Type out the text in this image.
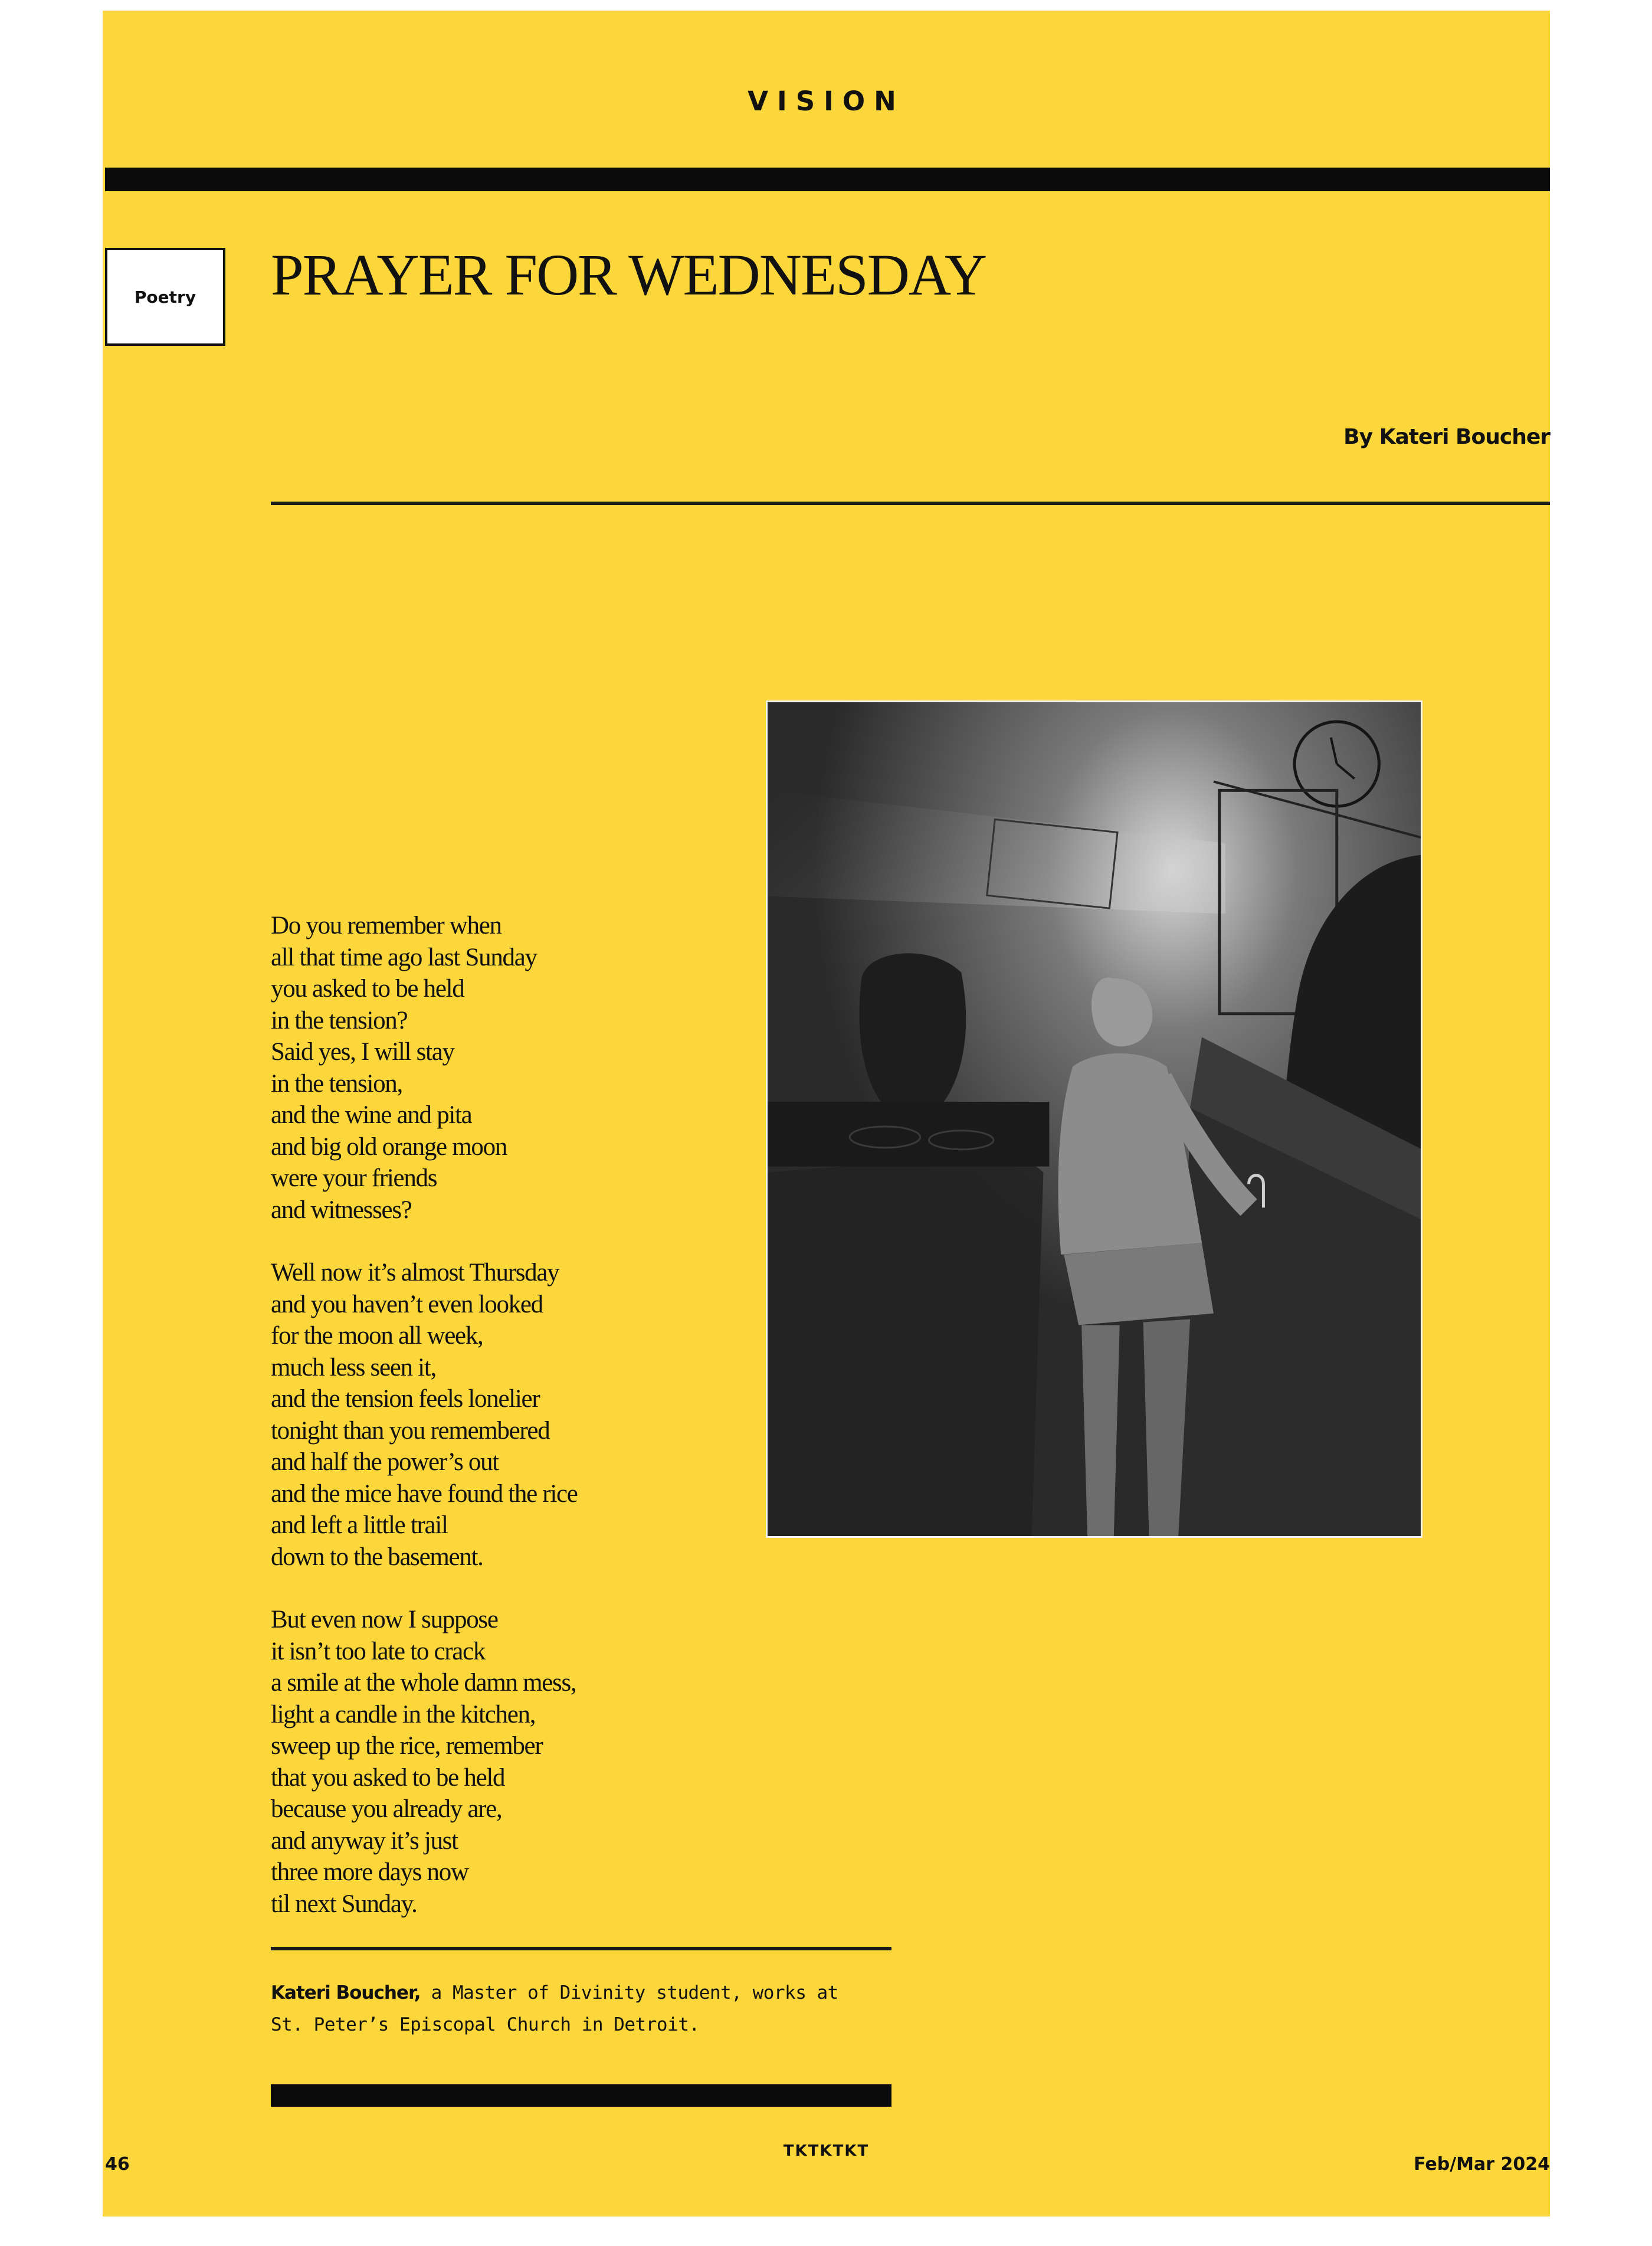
VISION
Poetry PRAYER FOR WEDNESDAY
By Kateri Boucher
Do you remember when
all that time ago last Sunday
you asked to be held
in the tension?
Said yes, I will stay
in the tension,
and the wine and pita
and big old orange moon
were your friends
and witnesses?
Well now it’s almost Thursday
and you haven’t even looked
for the moon all week,
much less seen it,
and the tension feels lonelier
tonight than you remembered
and half the power’s out
and the mice have found the rice
and left a little trail
down to the basement.
But even now I suppose
it isn’t too late to crack
a smile at the whole damn mess,
light a candle in the kitchen,
sweep up the rice, remember
that you asked to be held
because you already are,
and anyway it’s just
three more days now
til next Sunday.
Kateri Boucher, a Master of Divinity student, works at
St. Peter’s Episcopal Church in Detroit.
46
TKTKTKT
Feb/Mar 2024
